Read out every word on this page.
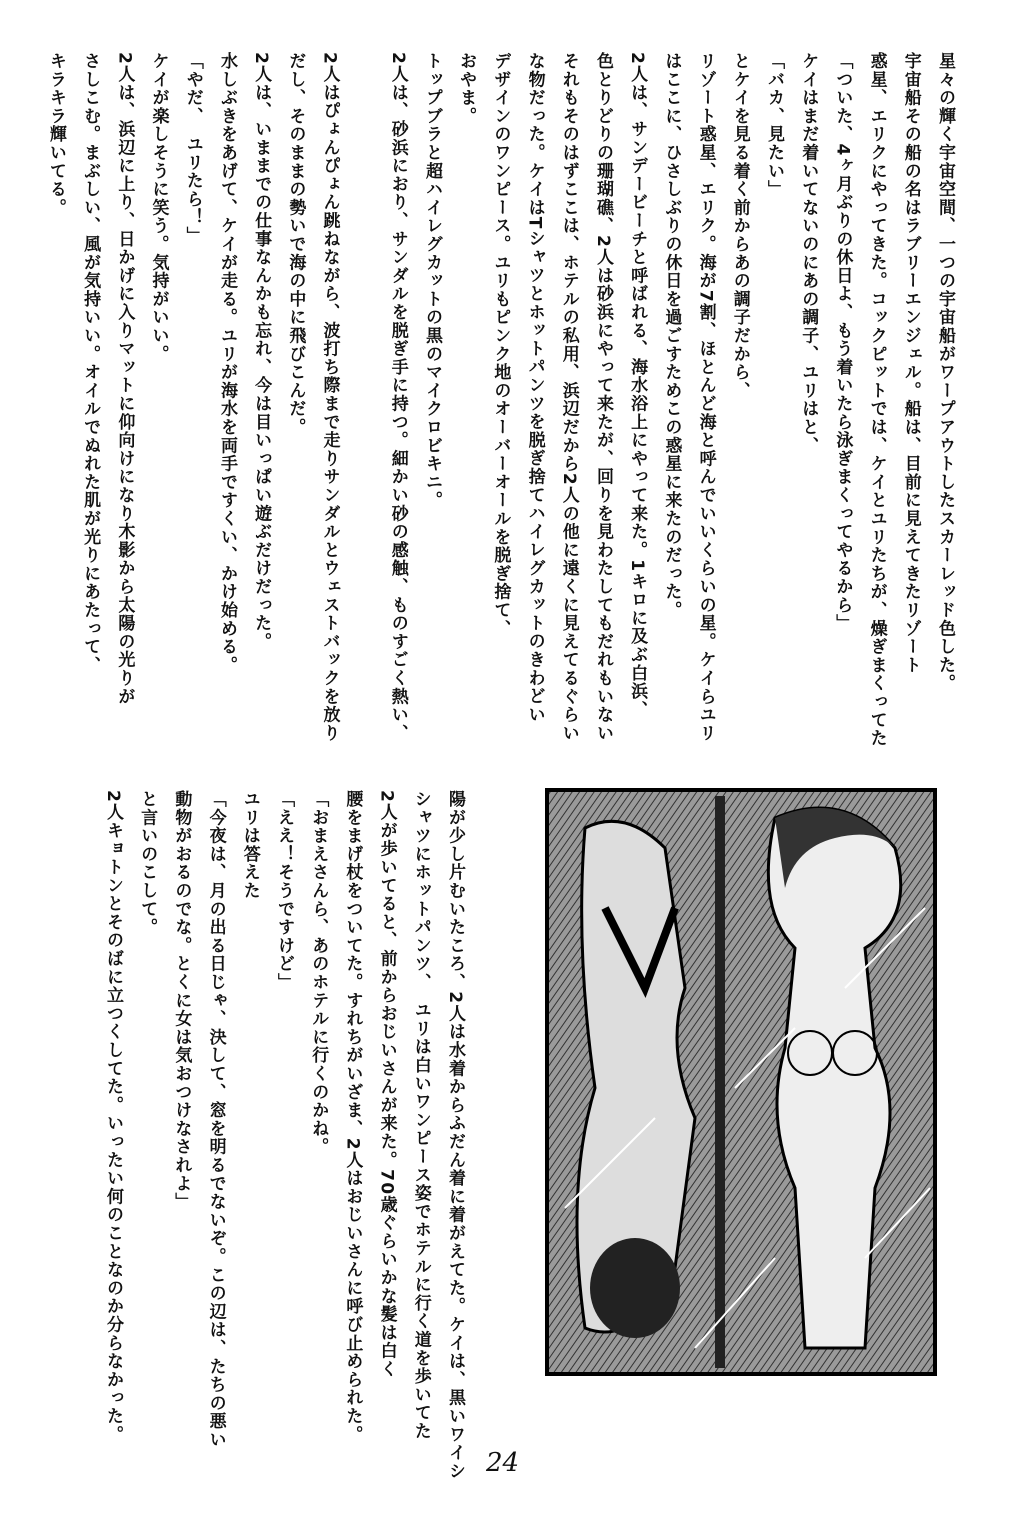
星々の輝く宇宙空間、一つの宇宙船がワープアウトしたスカーレッド色した。

宇宙船その船の名はラブリーエンジェル。船は、目前に見えてきたリゾート

惑星、エリクにやってきた。コックピットでは、ケイとユリたちが、燥ぎまくってた

「ついた、4ヶ月ぶりの休日よ、もう着いたら泳ぎまくってやるから」

ケイはまだ着いてないのにあの調子、ユリはと、

「バカ、見たい」

とケイを見る着く前からあの調子だから、

リゾート惑星、エリク。海が7割、ほとんど海と呼んでいいくらいの星。ケイらユリ

はここに、ひさしぶりの休日を過ごすためこの惑星に来たのだった。

2人は、サンデービーチと呼ばれる、海水浴上にやって来た。1キロに及ぶ白浜、

色とりどりの珊瑚礁、2人は砂浜にやって来たが、回りを見わたしてもだれもいない

それもそのはずここは、ホテルの私用、浜辺だから2人の他に遠くに見えてるぐらい

な物だった。ケイはTシャツとホットパンツを脱ぎ捨てハイレグカットのきわどい

デザインのワンピース。ユリもピンク地のオーバーオールを脱ぎ捨て、

おやま。

トップブラと超ハイレグカットの黒のマイクロビキニ。

2人は、砂浜におり、サンダルを脱ぎ手に持つ。細かい砂の感触、ものすごく熱い、

2人はぴょんぴょん跳ねながら、波打ち際まで走りサンダルとウェストバックを放り

だし、そのままの勢いで海の中に飛びこんだ。

2人は、いままでの仕事なんかも忘れ、今は目いっぱい遊ぶだけだった。

水しぶきをあげて、ケイが走る。ユリが海水を両手ですくい、かけ始める。

「やだ、　ユリたら！」

ケイが楽しそうに笑う。気持がいい。

2人は、浜辺に上り、日かげに入りマットに仰向けになり木影から太陽の光りが

さしこむ。まぶしい、風が気持いい。オイルでぬれた肌が光りにあたって、

キラキラ輝いてる。

陽が少し片むいたころ、2人は水着からふだん着に着がえてた。ケイは、黒いワイシ

シャツにホットパンツ、　ユリは白いワンピース姿でホテルに行く道を歩いてた

2人が歩いてると、前からおじいさんが来た。70歳ぐらいかな髪は白く

腰をまげ杖をついてた。すれちがいざま、2人はおじいさんに呼び止められた。

「おまえさんら、あのホテルに行くのかね。

「ええ！そうですけど」

ユリは答えた

「今夜は、月の出る日じゃ、決して、窓を明るでないぞ。この辺は、たちの悪い

動物がおるのでな。とくに女は気おつけなされよ」

と言いのこして。

2人キョトンとそのばに立つくしてた。いったい何のことなのか分らなかった。

24
